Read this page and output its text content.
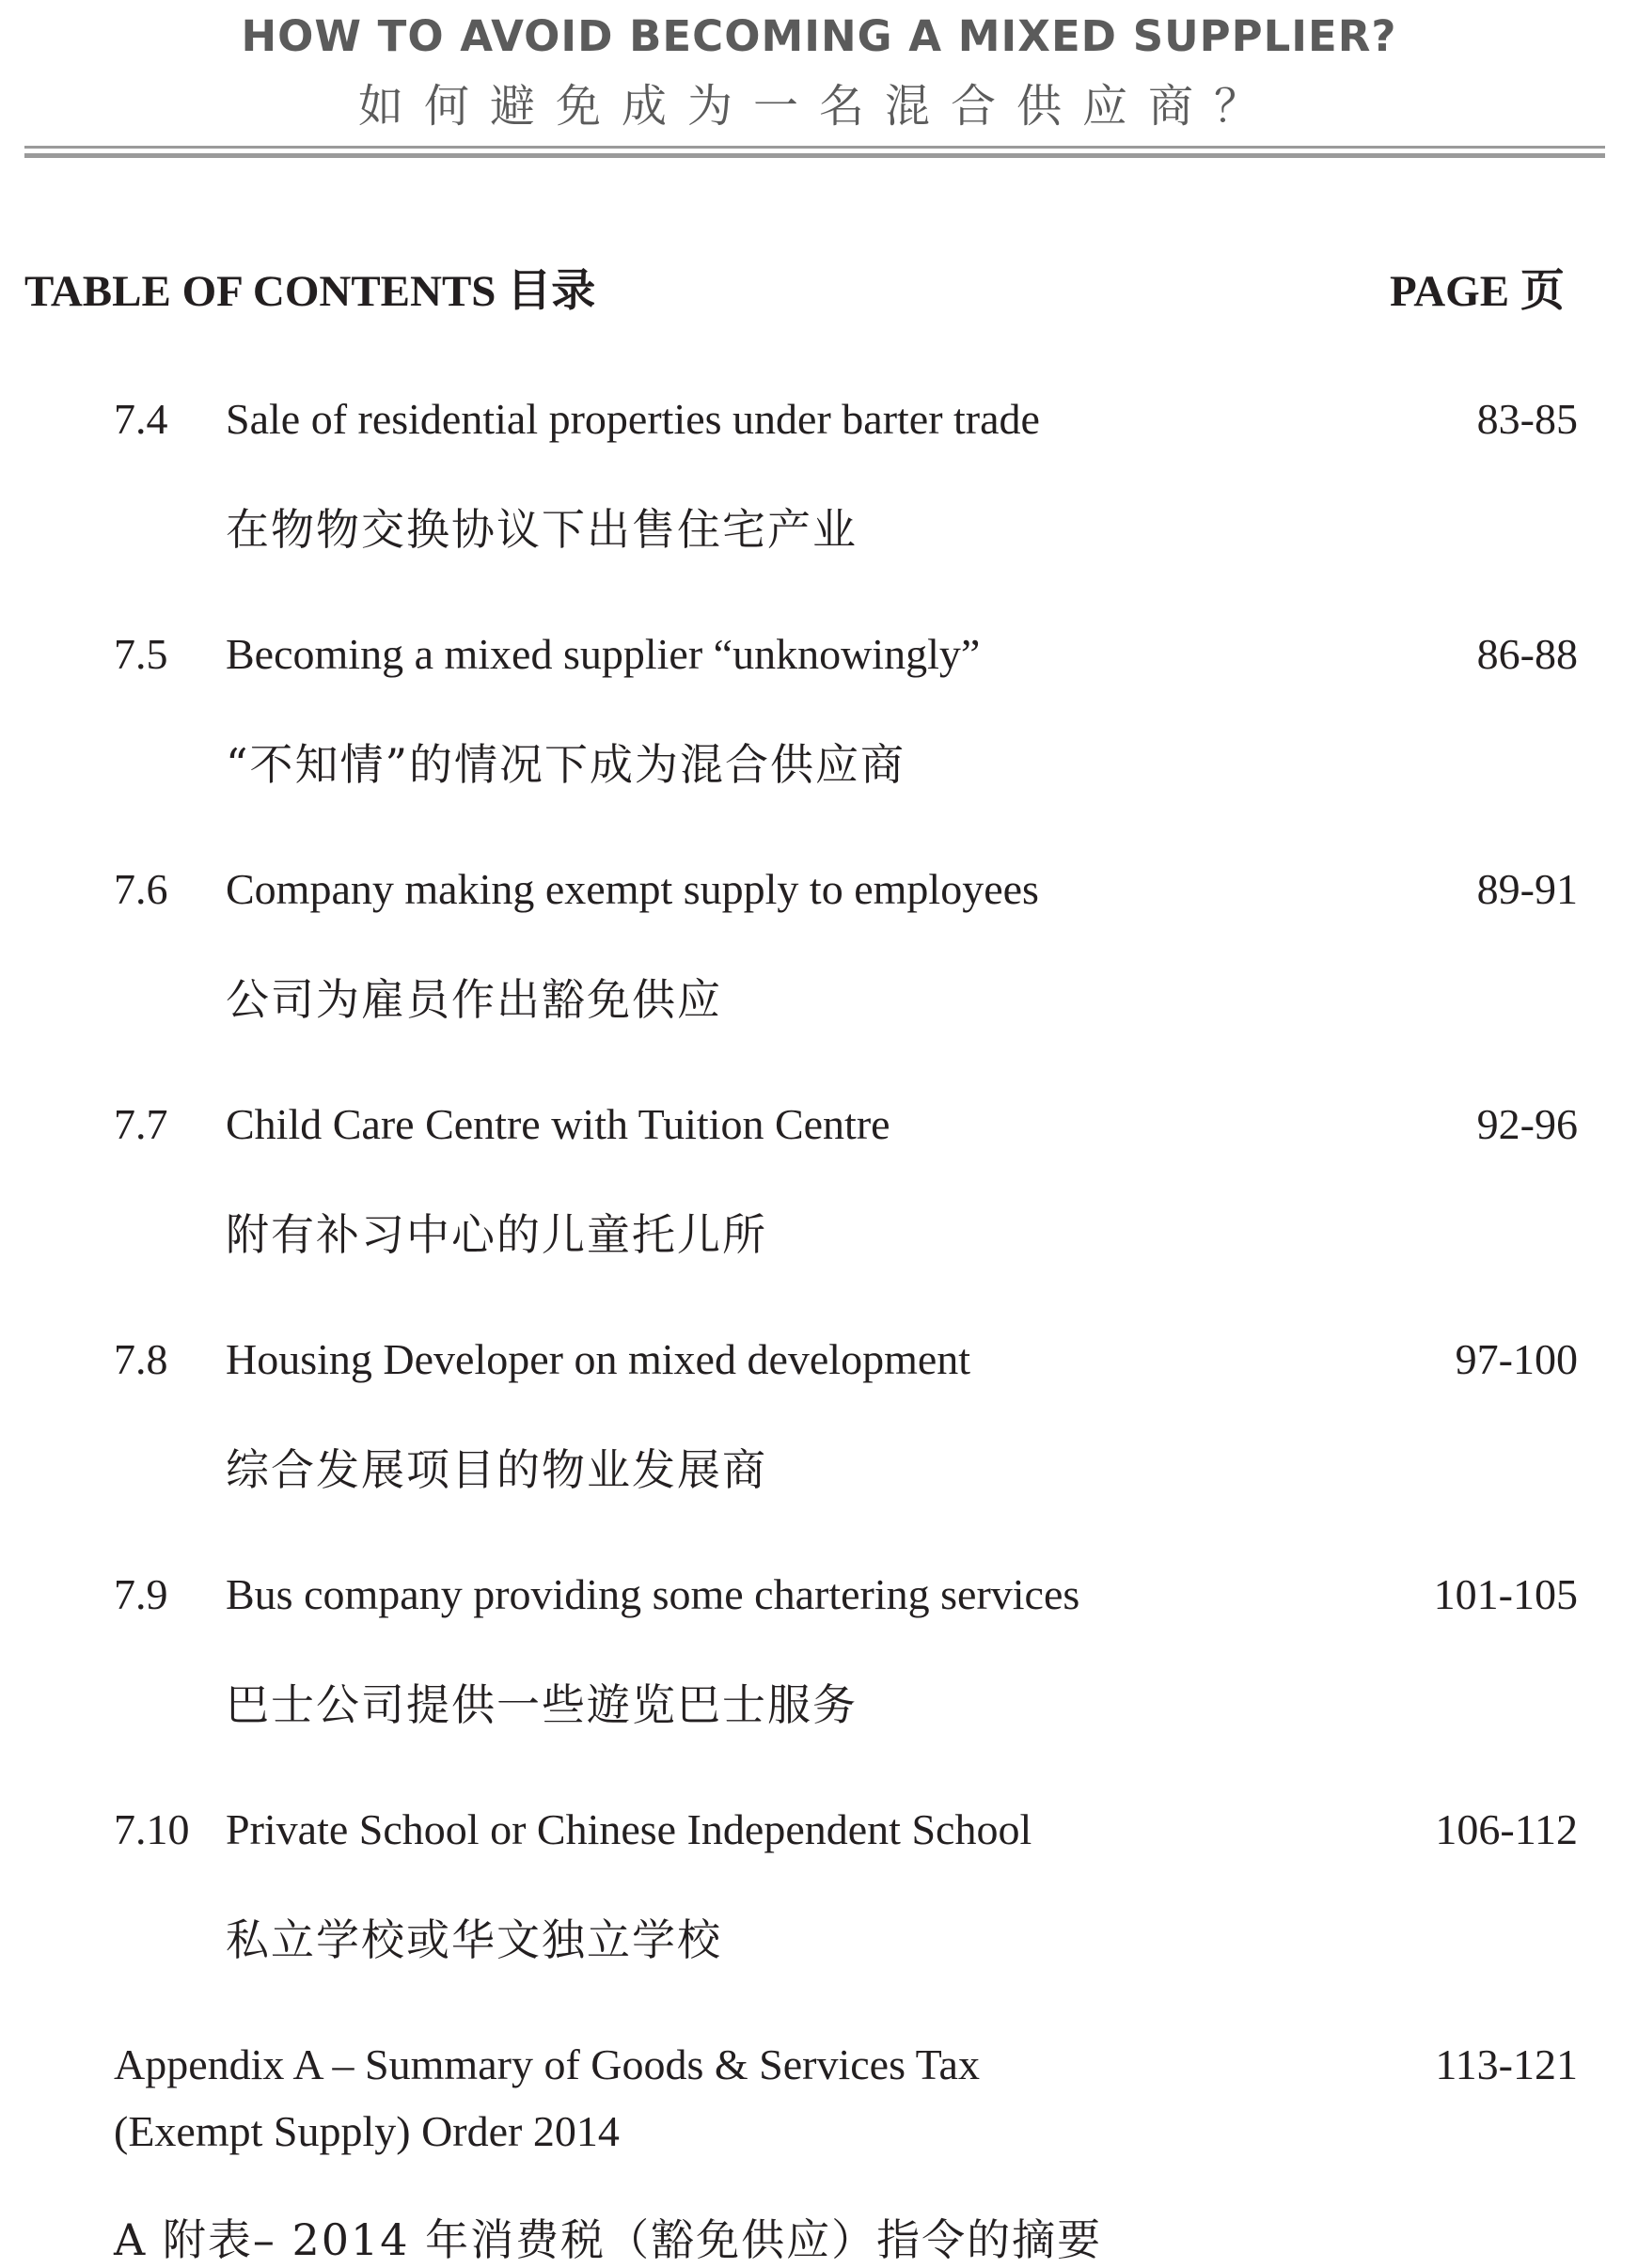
HOW TO AVOID BECOMING A MIXED SUPPLIER?
如何避免成为一名混合供应商？
TABLE OF CONTENTS 目录	PAGE 页
7.4 Sale of residential properties under barter trade	83-85
在物物交换协议下出售住宅产业
7.5 Becoming a mixed supplier “unknowingly”	86-88
“不知情”的情况下成为混合供应商
7.6 Company making exempt supply to employees	89-91
公司为雇员作出豁免供应
7.7 Child Care Centre with Tuition Centre	92-96
附有补习中心的儿童托儿所
7.8 Housing Developer on mixed development	97-100
综合发展项目的物业发展商
7.9 Bus company providing some chartering services	101-105
巴士公司提供一些遊览巴士服务
7.10 Private School or Chinese Independent School	106-112
私立学校或华文独立学校
Appendix A – Summary of Goods & Services Tax	113-121
(Exempt Supply) Order 2014
A 附表– 2014 年消费税（豁免供应）指令的摘要
